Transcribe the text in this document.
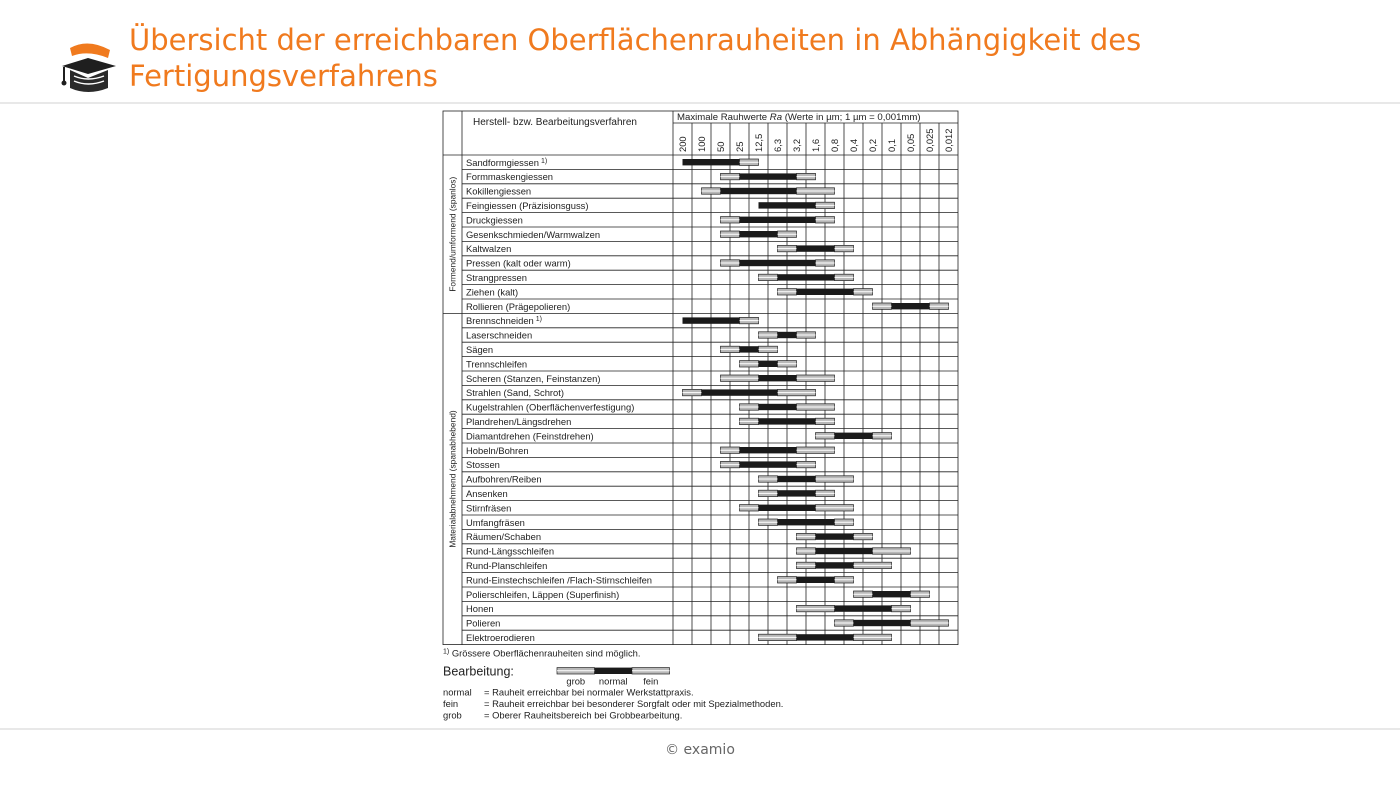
Übersicht der erreichbaren Oberflächenrauheiten in Abhängigkeit des
Fertigungsverfahrens
Herstell- bzw. Bearbeitungsverfahren	Maximale Rauhwerte Ra (Werte in µm; 1 µm = 0,001mm)
200 100 50 25 12,5 6,3 3,2 1,6 0,8 0,4 0,2 0,1 0,05 0,025 0,012
Formend/umformend (spanlos)
Materialabnehmend (spanabhebend)
Sandformgiessen $^{1)}$
Formmaskengiessen
Kokillengiessen
Feingiessen (Präzisionsguss)
Druckgiessen
Gesenkschmieden/Warmwalzen
Kaltwalzen
Pressen (kalt oder warm)
Strangpressen
Ziehen (kalt)
Rollieren (Prägepolieren)
Brennschneiden $^{1)}$
Laserschneiden
Sägen
Trennschleifen
Scheren (Stanzen, Feinstanzen)
Strahlen (Sand, Schrot)
Kugelstrahlen (Oberflächenverfestigung)
Plandrehen/Längsdrehen
Diamantdrehen (Feinstdrehen)
Hobeln/Bohren
Stossen
Aufbohren/Reiben
Ansenken
Stirnfräsen
Umfangfräsen
Räumen/Schaben
Rund-Längsschleifen
Rund-Planschleifen
Rund-Einstechschleifen /Flach-Stirnschleifen
Polierschleifen, Läppen (Superfinish)
Honen
Polieren
Elektroerodieren
$^{1)}$ Grössere Oberflächenrauheiten sind möglich.
Bearbeitung:
grob normal fein
normal = Rauheit erreichbar bei normaler Werkstattpraxis.
fein	= Rauheit erreichbar bei besonderer Sorgfalt oder mit Spezialmethoden.
grob = Oberer Rauheitsbereich bei Grobbearbeitung.
© examio
